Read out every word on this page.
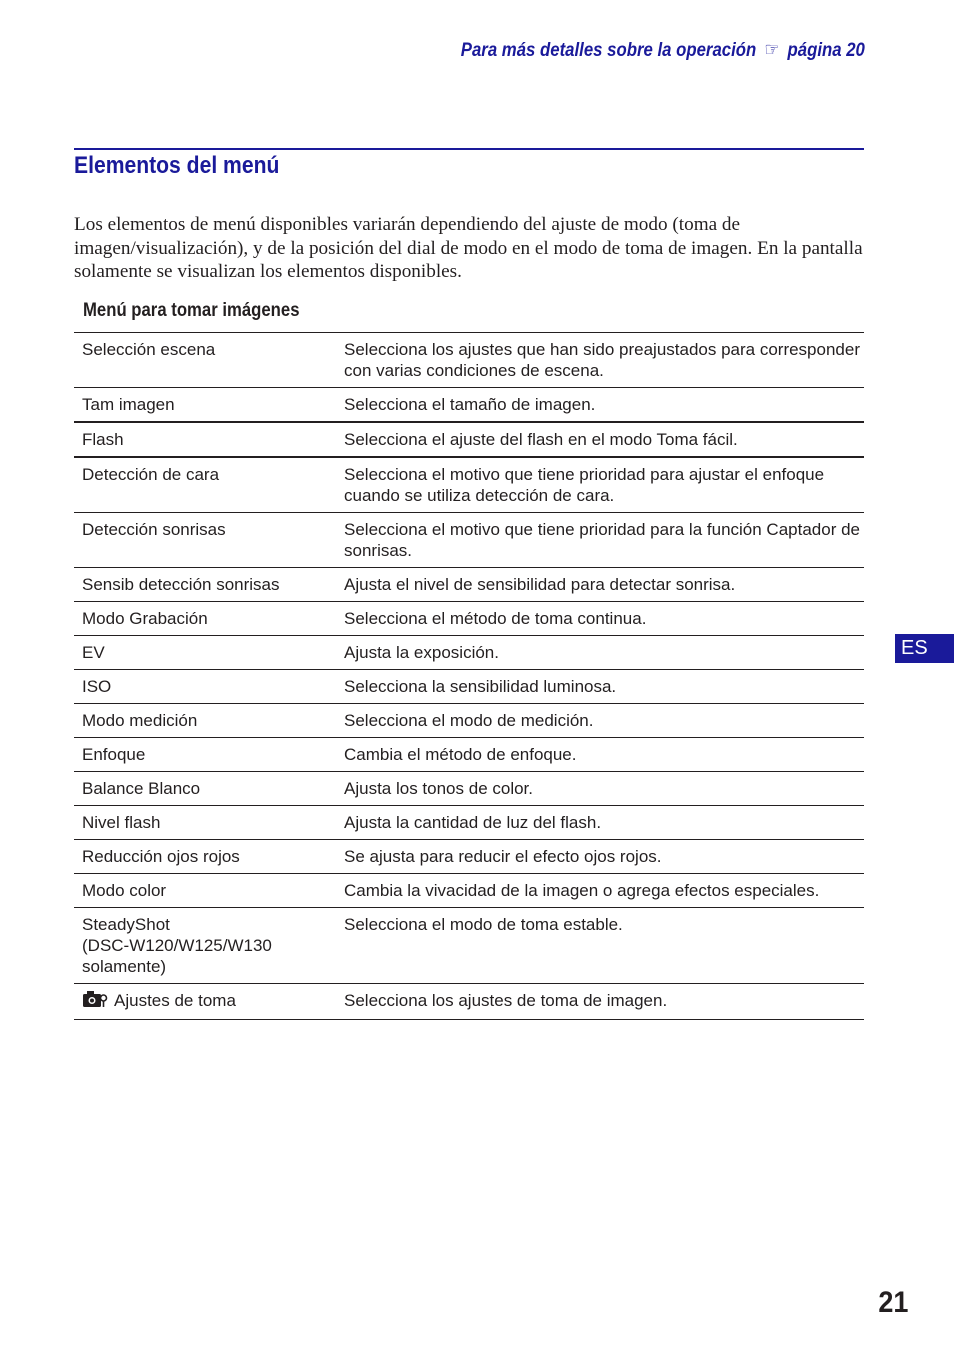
Para más detalles sobre la operación ☞ página 20
Elementos del menú

Los elementos de menú disponibles variarán dependiendo del ajuste de modo (toma de imagen/visualización), y de la posición del dial de modo en el modo de toma de imagen. En la pantalla solamente se visualizan los elementos disponibles.

Menú para tomar imágenes
Selección escena	Selecciona los ajustes que han sido preajustados para corresponder con varias condiciones de escena.
Tam imagen	Selecciona el tamaño de imagen.
Flash	Selecciona el ajuste del flash en el modo Toma fácil.
Detección de cara	Selecciona el motivo que tiene prioridad para ajustar el enfoque cuando se utiliza detección de cara.
Detección sonrisas	Selecciona el motivo que tiene prioridad para la función Captador de sonrisas.
Sensib detección sonrisas	Ajusta el nivel de sensibilidad para detectar sonrisa.
Modo Grabación	Selecciona el método de toma continua.
EV	Ajusta la exposición.
ISO	Selecciona la sensibilidad luminosa.
Modo medición	Selecciona el modo de medición.
Enfoque	Cambia el método de enfoque.
Balance Blanco	Ajusta los tonos de color.
Nivel flash	Ajusta la cantidad de luz del flash.
Reducción ojos rojos	Se ajusta para reducir el efecto ojos rojos.
Modo color	Cambia la vivacidad de la imagen o agrega efectos especiales.
SteadyShot
(DSC-W120/W125/W130
solamente)	Selecciona el modo de toma estable.
Ajustes de toma	Selecciona los ajustes de toma de imagen.
ES
21
